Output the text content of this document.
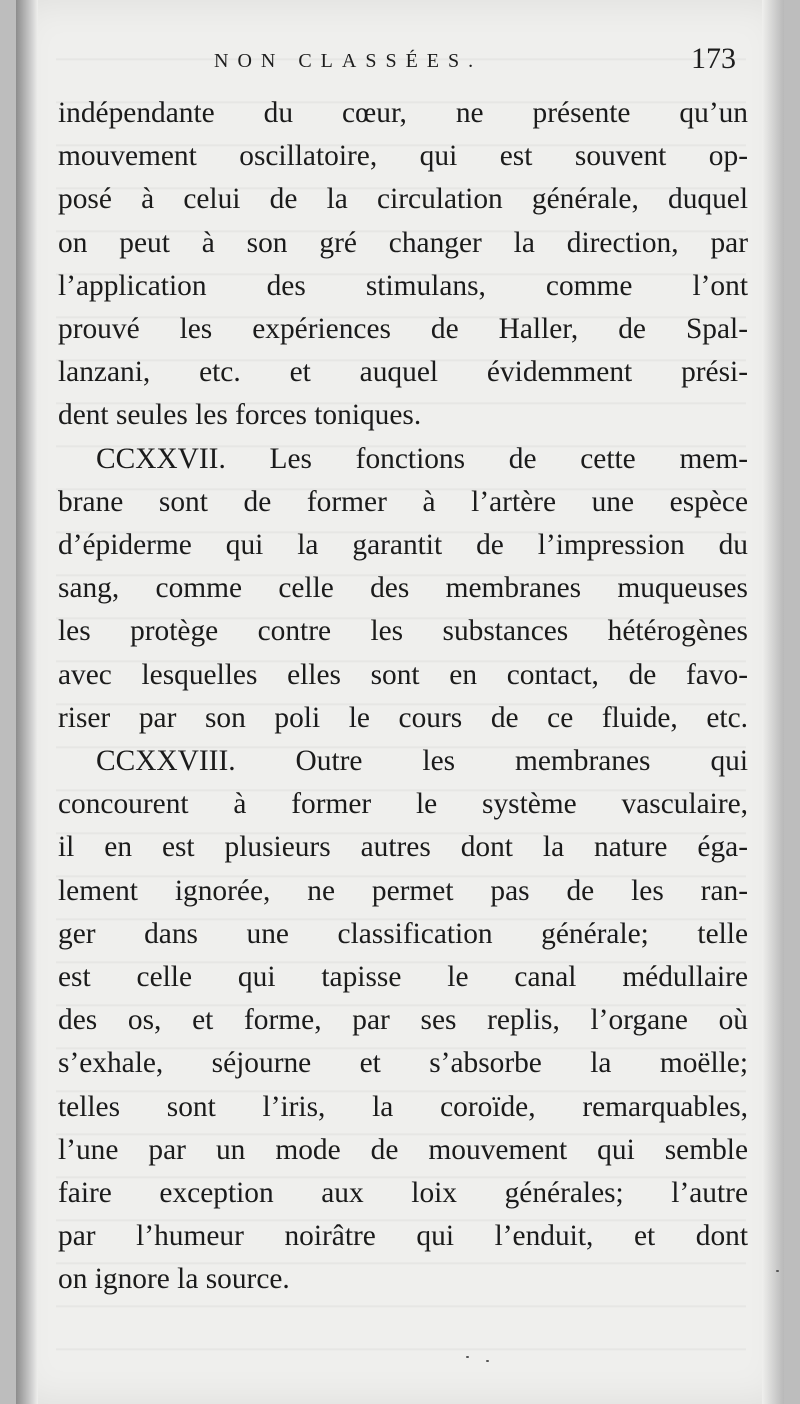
NON CLASSÉES.	173
indépendante du cœur, ne présente qu’un
mouvement oscillatoire, qui est souvent op-
posé à celui de la circulation générale, duquel
on peut à son gré changer la direction, par
l’application des stimulans, comme l’ont
prouvé les expériences de Haller, de Spal-
lanzani, etc. et auquel évidemment prési-
dent seules les forces toniques.
CCXXVII. Les fonctions de cette mem-
brane sont de former à l’artère une espèce
d’épiderme qui la garantit de l’impression du
sang, comme celle des membranes muqueuses
les protège contre les substances hétérogènes
avec lesquelles elles sont en contact, de favo-
riser par son poli le cours de ce fluide, etc.
CCXXVIII. Outre les membranes qui
concourent à former le système vasculaire,
il en est plusieurs autres dont la nature éga-
lement ignorée, ne permet pas de les ran-
ger dans une classification générale; telle
est celle qui tapisse le canal médullaire
des os, et forme, par ses replis, l’organe où
s’exhale, séjourne et s’absorbe la moëlle;
telles sont l’iris, la coroïde, remarquables,
l’une par un mode de mouvement qui semble
faire exception aux loix générales; l’autre
par l’humeur noirâtre qui l’enduit, et dont
on ignore la source.
